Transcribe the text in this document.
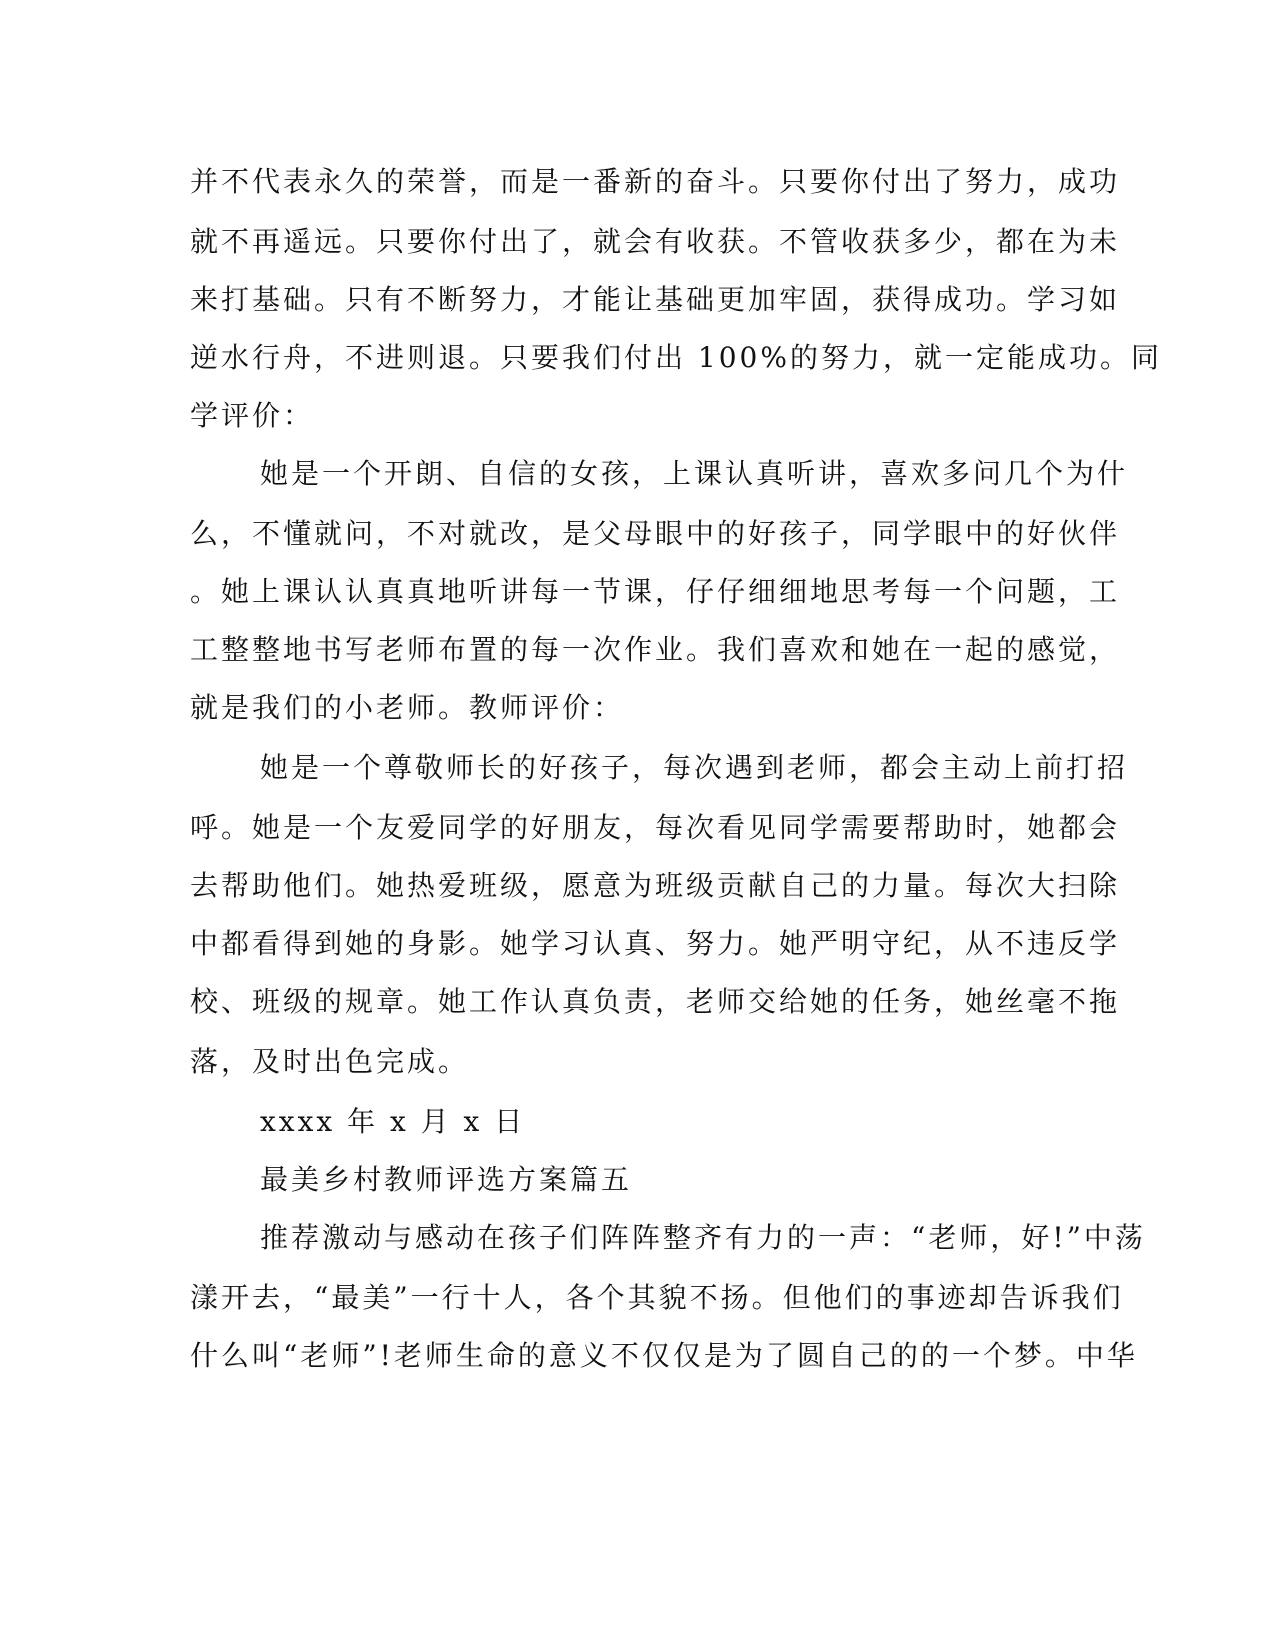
并不代表永久的荣誉，而是一番新的奋斗。只要你付出了努力，成功
就不再遥远。只要你付出了，就会有收获。不管收获多少，都在为未
来打基础。只有不断努力，才能让基础更加牢固，获得成功。学习如
逆水行舟，不进则退。只要我们付出 100%的努力，就一定能成功。同
学评价：
她是一个开朗、自信的女孩，上课认真听讲，喜欢多问几个为什
么，不懂就问，不对就改，是父母眼中的好孩子，同学眼中的好伙伴
。她上课认认真真地听讲每一节课，仔仔细细地思考每一个问题，工
工整整地书写老师布置的每一次作业。我们喜欢和她在一起的感觉，
就是我们的小老师。教师评价：
她是一个尊敬师长的好孩子，每次遇到老师，都会主动上前打招
呼。她是一个友爱同学的好朋友，每次看见同学需要帮助时，她都会
去帮助他们。她热爱班级，愿意为班级贡献自己的力量。每次大扫除
中都看得到她的身影。她学习认真、努力。她严明守纪，从不违反学
校、班级的规章。她工作认真负责，老师交给她的任务，她丝毫不拖
落，及时出色完成。
xxxx 年 x 月 x 日
最美乡村教师评选方案篇五
推荐激动与感动在孩子们阵阵整齐有力的一声：“老师，好!”中荡
漾开去，“最美”一行十人，各个其貌不扬。但他们的事迹却告诉我们
什么叫“老师”!老师生命的意义不仅仅是为了圆自己的的一个梦。中华
